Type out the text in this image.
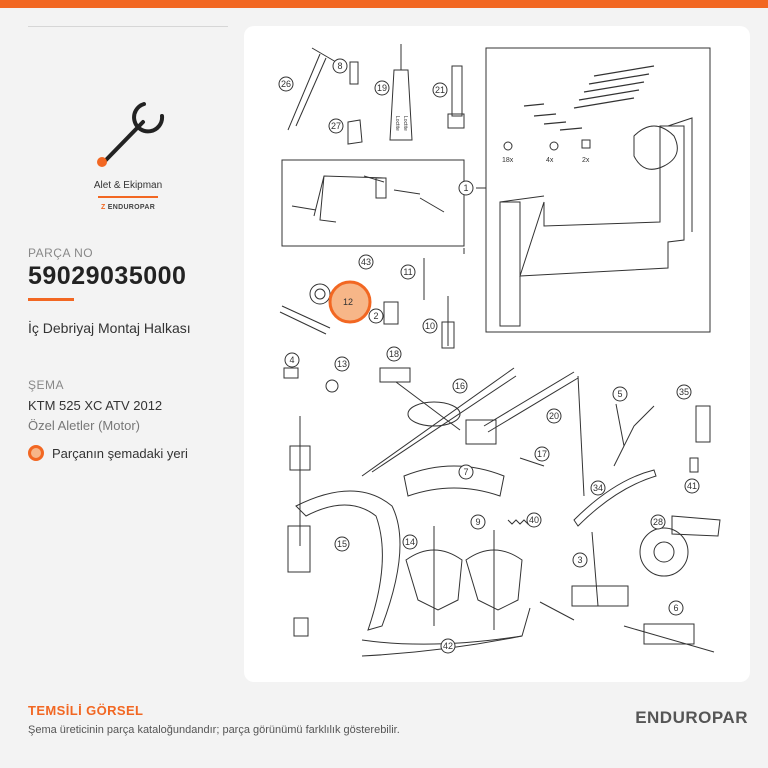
Alet & Ekipman
Z ENDUROPAR
PARÇA NO
59029035000
İç Debriyaj Montaj Halkası
ŞEMA
KTM 525 XC ATV 2012
Özel Aletler (Motor)
Parçanın şemadaki yeri
26
8
19	21
27
1
43
11
12
2
10
4	13
18
16
5	35
20
17
7
34	41
40
9	28
14
15
3
6
42
18x	4x	2x
Loctite Loctite
TEMSİLİ GÖRSEL
Şema üreticinin parça kataloğundandır; parça görünümü farklılık gösterebilir.
ENDUROPAR
